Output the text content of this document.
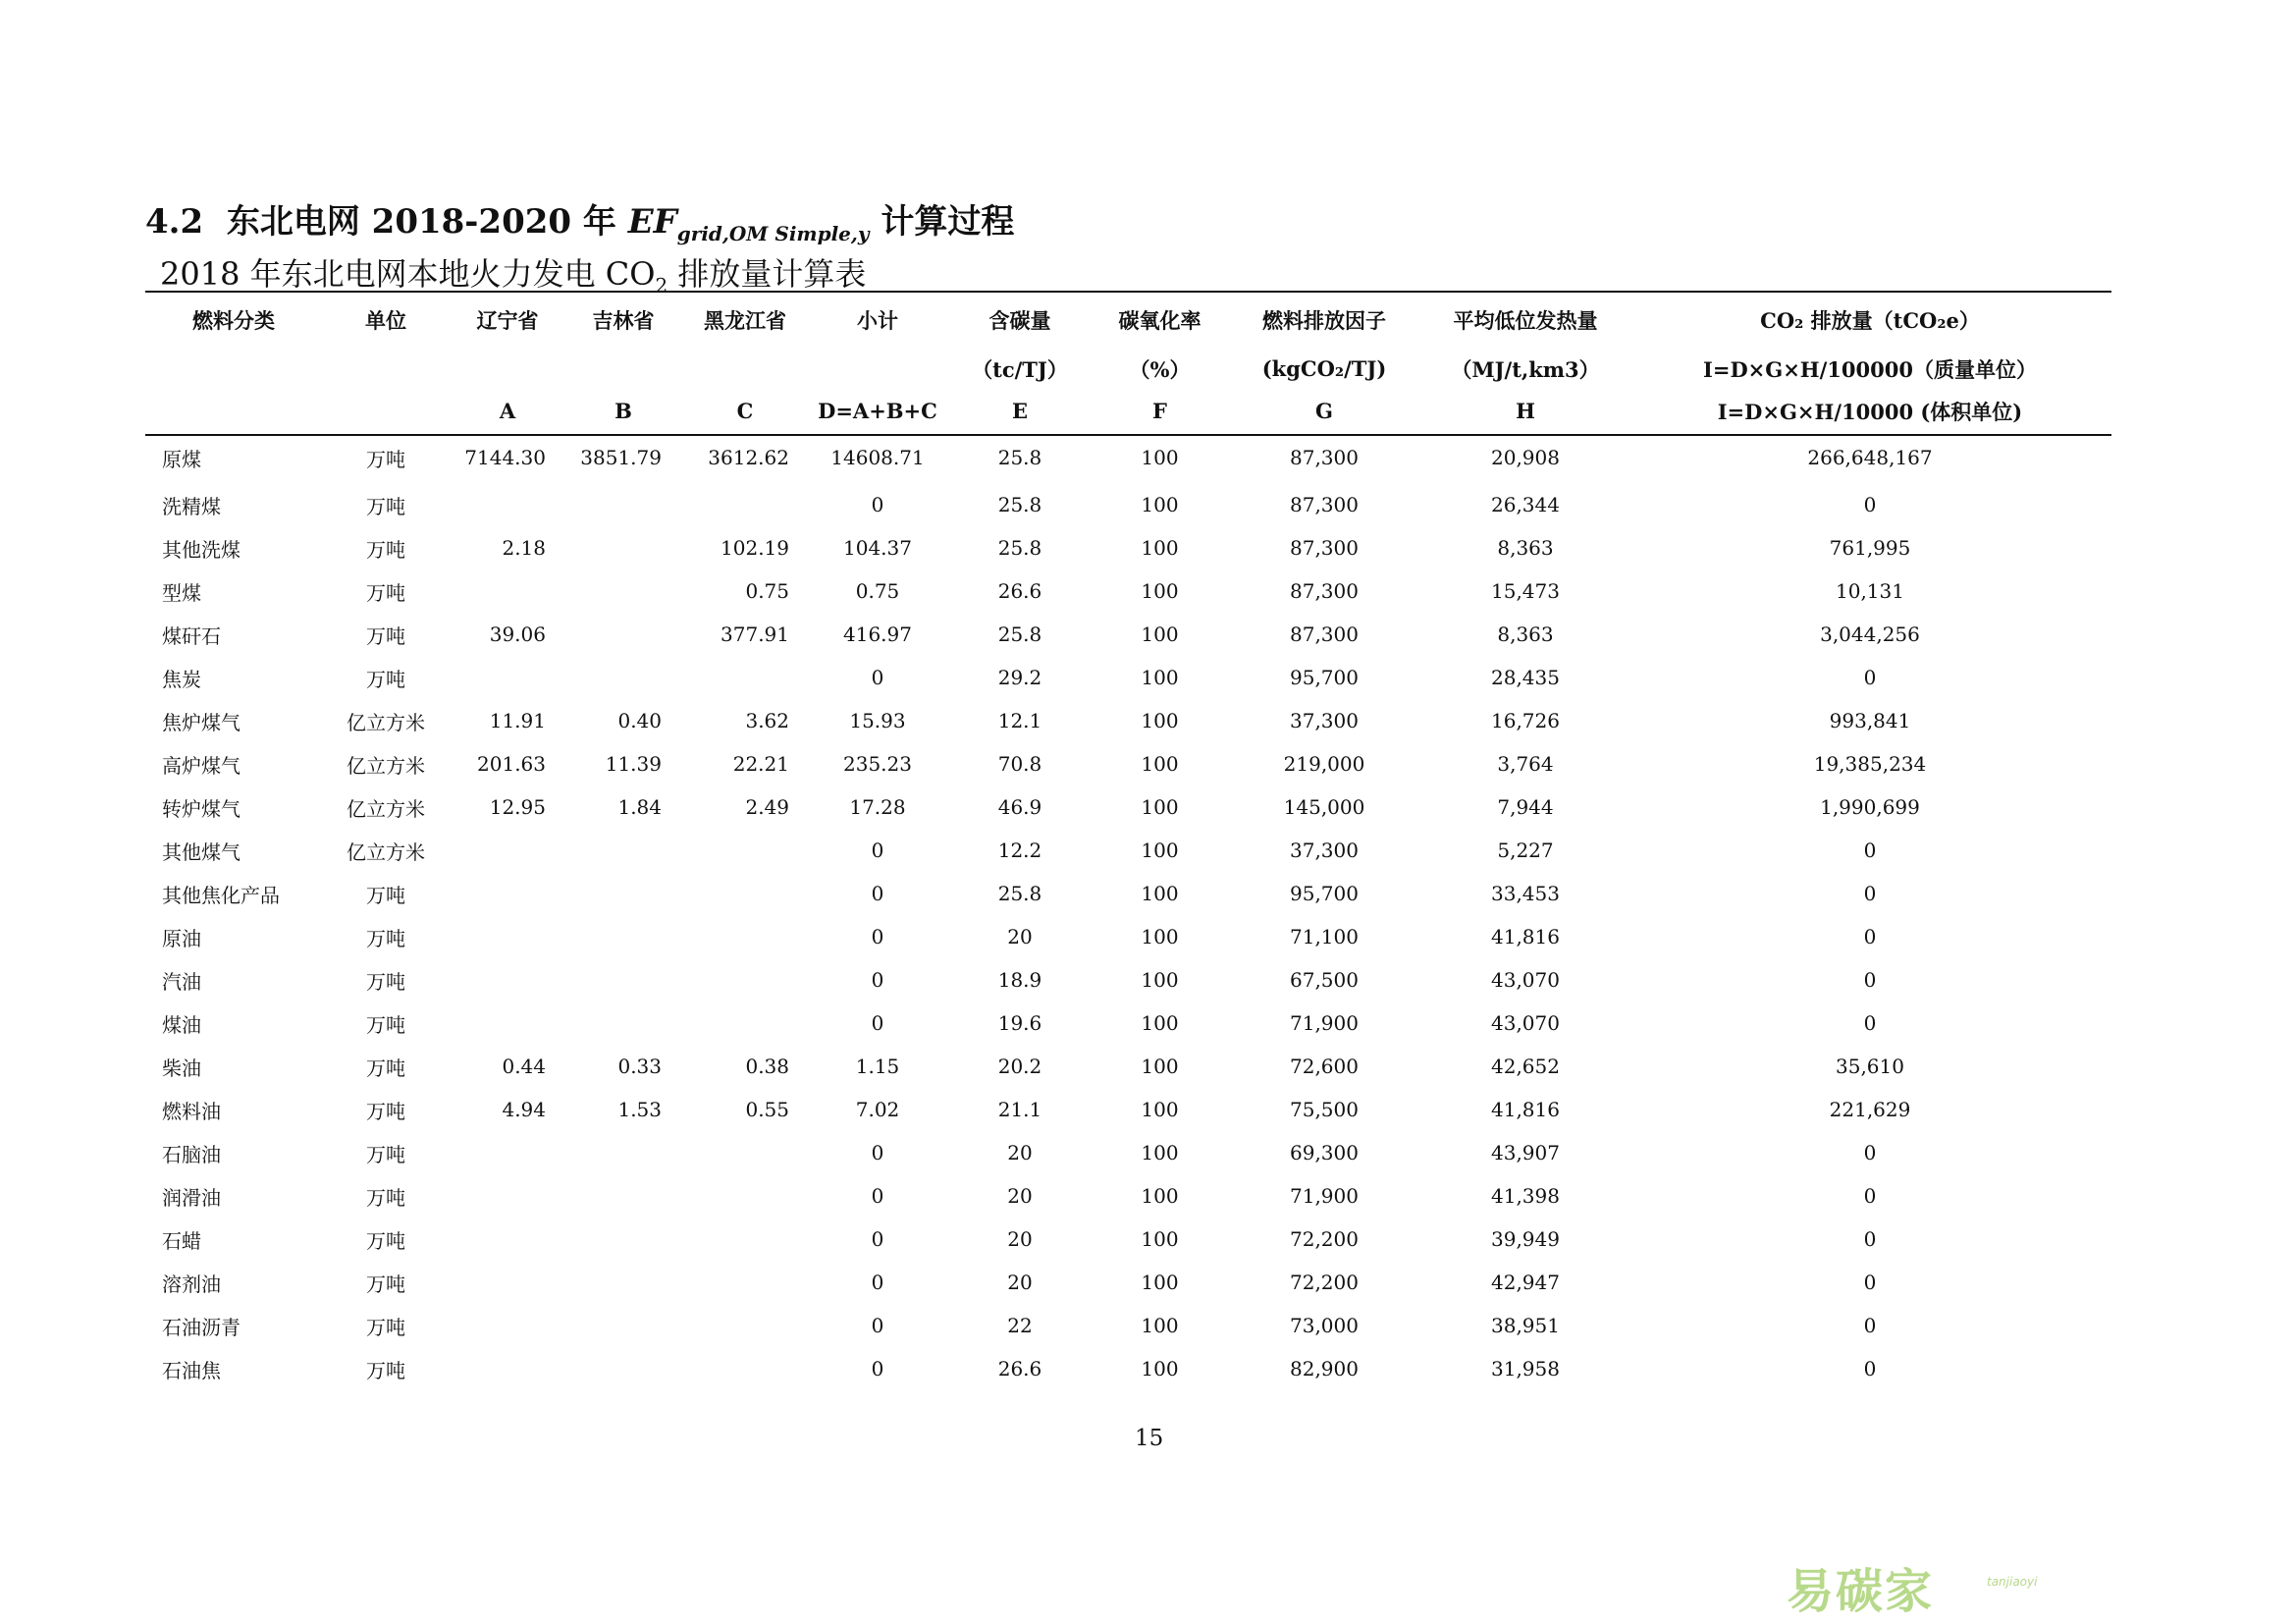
4.2 东北电网 2018-2020 年 $EF_{grid,OM Simple,y}$ 计算过程
2018 年东北电网本地火力发电 $CO_2$ 排放量计算表
燃料分类	单位	辽宁省	吉林省	黑龙江省	小计	含碳量	碳氧化率	燃料排放因子	平均低位发热量	CO₂ 排放量（tCO₂e）
						（tc/TJ）	（%）	(kgCO₂/TJ)	（MJ/t,km3）	I=D×G×H/100000（质量单位）
		A	B	C	D=A+B+C	E	F	G	H	I=D×G×H/10000 (体积单位)
原煤	万吨	7144.30	3851.79	3612.62	14608.71	25.8	100	87,300	20,908	266,648,167
洗精煤	万吨				0	25.8	100	87,300	26,344	0
其他洗煤	万吨	2.18		102.19	104.37	25.8	100	87,300	8,363	761,995
型煤	万吨			0.75	0.75	26.6	100	87,300	15,473	10,131
煤矸石	万吨	39.06		377.91	416.97	25.8	100	87,300	8,363	3,044,256
焦炭	万吨				0	29.2	100	95,700	28,435	0
焦炉煤气	亿立方米	11.91	0.40	3.62	15.93	12.1	100	37,300	16,726	993,841
高炉煤气	亿立方米	201.63	11.39	22.21	235.23	70.8	100	219,000	3,764	19,385,234
转炉煤气	亿立方米	12.95	1.84	2.49	17.28	46.9	100	145,000	7,944	1,990,699
其他煤气	亿立方米				0	12.2	100	37,300	5,227	0
其他焦化产品	万吨				0	25.8	100	95,700	33,453	0
原油	万吨				0	20	100	71,100	41,816	0
汽油	万吨				0	18.9	100	67,500	43,070	0
煤油	万吨				0	19.6	100	71,900	43,070	0
柴油	万吨	0.44	0.33	0.38	1.15	20.2	100	72,600	42,652	35,610
燃料油	万吨	4.94	1.53	0.55	7.02	21.1	100	75,500	41,816	221,629
石脑油	万吨				0	20	100	69,300	43,907	0
润滑油	万吨				0	20	100	71,900	41,398	0
石蜡	万吨				0	20	100	72,200	39,949	0
溶剂油	万吨				0	20	100	72,200	42,947	0
石油沥青	万吨				0	22	100	73,000	38,951	0
石油焦	万吨				0	26.6	100	82,900	31,958	0
15
易碳家	tanjiaoyi
